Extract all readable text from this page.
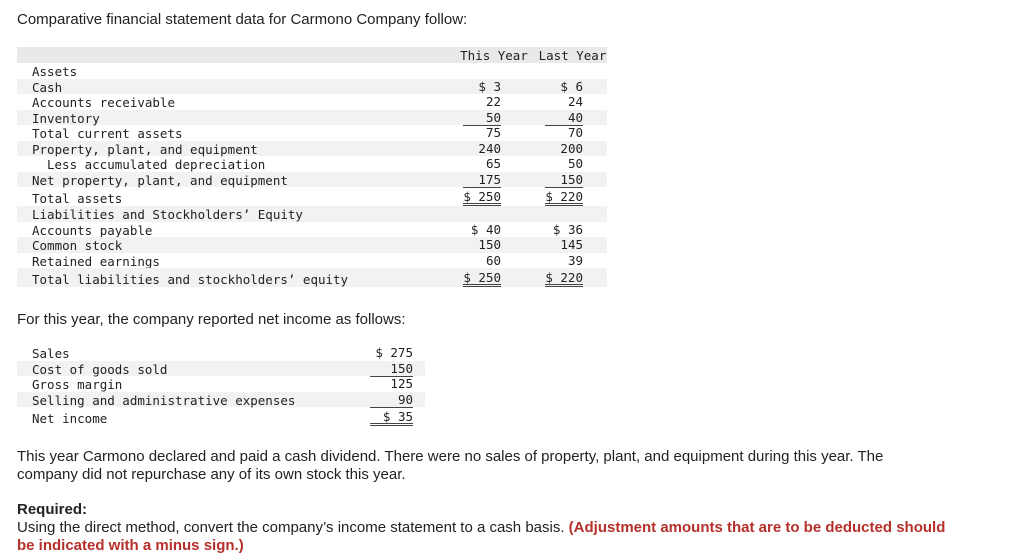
Comparative financial statement data for Carmono Company follow:
This Year Last Year
Assets
Cash	$ 3	$ 6
Accounts receivable	22	24
Inventory	50	40
Total current assets	75	70
Property, plant, and equipment	240	200
Less accumulated depreciation	65	50
Net property, plant, and equipment	175	150
Total assets	$ 250	$ 220
Liabilities and Stockholders’ Equity
Accounts payable	$ 40	$ 36
Common stock	150	145
Retained earnings	60	39
Total liabilities and stockholders’ equity	$ 250	$ 220
For this year, the company reported net income as follows:
Sales	$ 275
Cost of goods sold	150
Gross margin	125
Selling and administrative expenses	90
Net income	$ 35
This year Carmono declared and paid a cash dividend. There were no sales of property, plant, and equipment during this year. The company did not repurchase any of its own stock this year.
Required:
Using the direct method, convert the company’s income statement to a cash basis. (Adjustment amounts that are to be deducted should be indicated with a minus sign.)
